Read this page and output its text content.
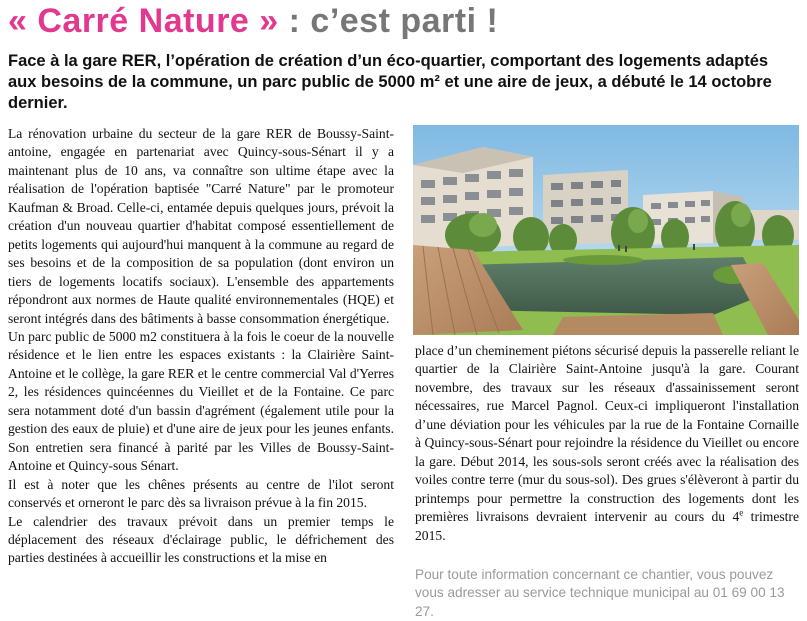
« Carré Nature » : c’est parti !
Face à la gare RER, l’opération de création d’un éco-quartier, comportant des logements adaptés aux besoins de la commune, un parc public de 5000 m² et une aire de jeux, a débuté le 14 octobre dernier.

La rénovation urbaine du secteur de la gare RER de Boussy-Saint-antoine, engagée en partenariat avec Quincy-sous-Sénart il y a maintenant plus de 10 ans, va connaître son ultime étape avec la réalisation de l'opération baptisée "Carré Nature" par le promoteur Kaufman & Broad. Celle-ci, entamée depuis quelques jours, prévoit la création d'un nouveau quartier d'habitat composé essentiellement de petits logements qui aujourd'hui manquent à la commune au regard de ses besoins et de la composition de sa population (dont environ un tiers de logements locatifs sociaux). L'ensemble des appartements répondront aux normes de Haute qualité environnementales (HQE) et seront intégrés dans des bâtiments à basse consommation énergétique.

Un parc public de 5000 m2 constituera à la fois le coeur de la nouvelle résidence et le lien entre les espaces existants : la Clairière Saint-Antoine et le collège, la gare RER et le centre commercial Val d'Yerres 2, les résidences quincéennes du Vieillet et de la Fontaine. Ce parc sera notamment doté d'un bassin d'agrément (également utile pour la gestion des eaux de pluie) et d'une aire de jeux pour les jeunes enfants. Son entretien sera financé à parité par les Villes de Boussy-Saint-Antoine et Quincy-sous Sénart.

Il est à noter que les chênes présents au centre de l'ilot seront conservés et orneront le parc dès sa livraison prévue à la fin 2015.

Le calendrier des travaux prévoit dans un premier temps le déplacement des réseaux d'éclairage public, le défrichement des parties destinées à accueillir les constructions et la mise en

place d’un cheminement piétons sécurisé depuis la passerelle reliant le quartier de la Clairière Saint-Antoine jusqu'à la gare. Courant novembre, des travaux sur les réseaux d'assainissement seront nécessaires, rue Marcel Pagnol. Ceux-ci impliqueront l'installation d’une déviation pour les véhicules par la rue de la Fontaine Cornaille à Quincy-sous-Sénart pour rejoindre la résidence du Vieillet ou encore la gare. Début 2014, les sous-sols seront créés avec la réalisation des voiles contre terre (mur du sous-sol). Des grues s'élèveront à partir du printemps pour permettre la construction des logements dont les premières livraisons devraient intervenir au cours du 4e trimestre 2015.

Pour toute information concernant ce chantier, vous pouvez vous adresser au service technique municipal au 01 69 00 13 27.
